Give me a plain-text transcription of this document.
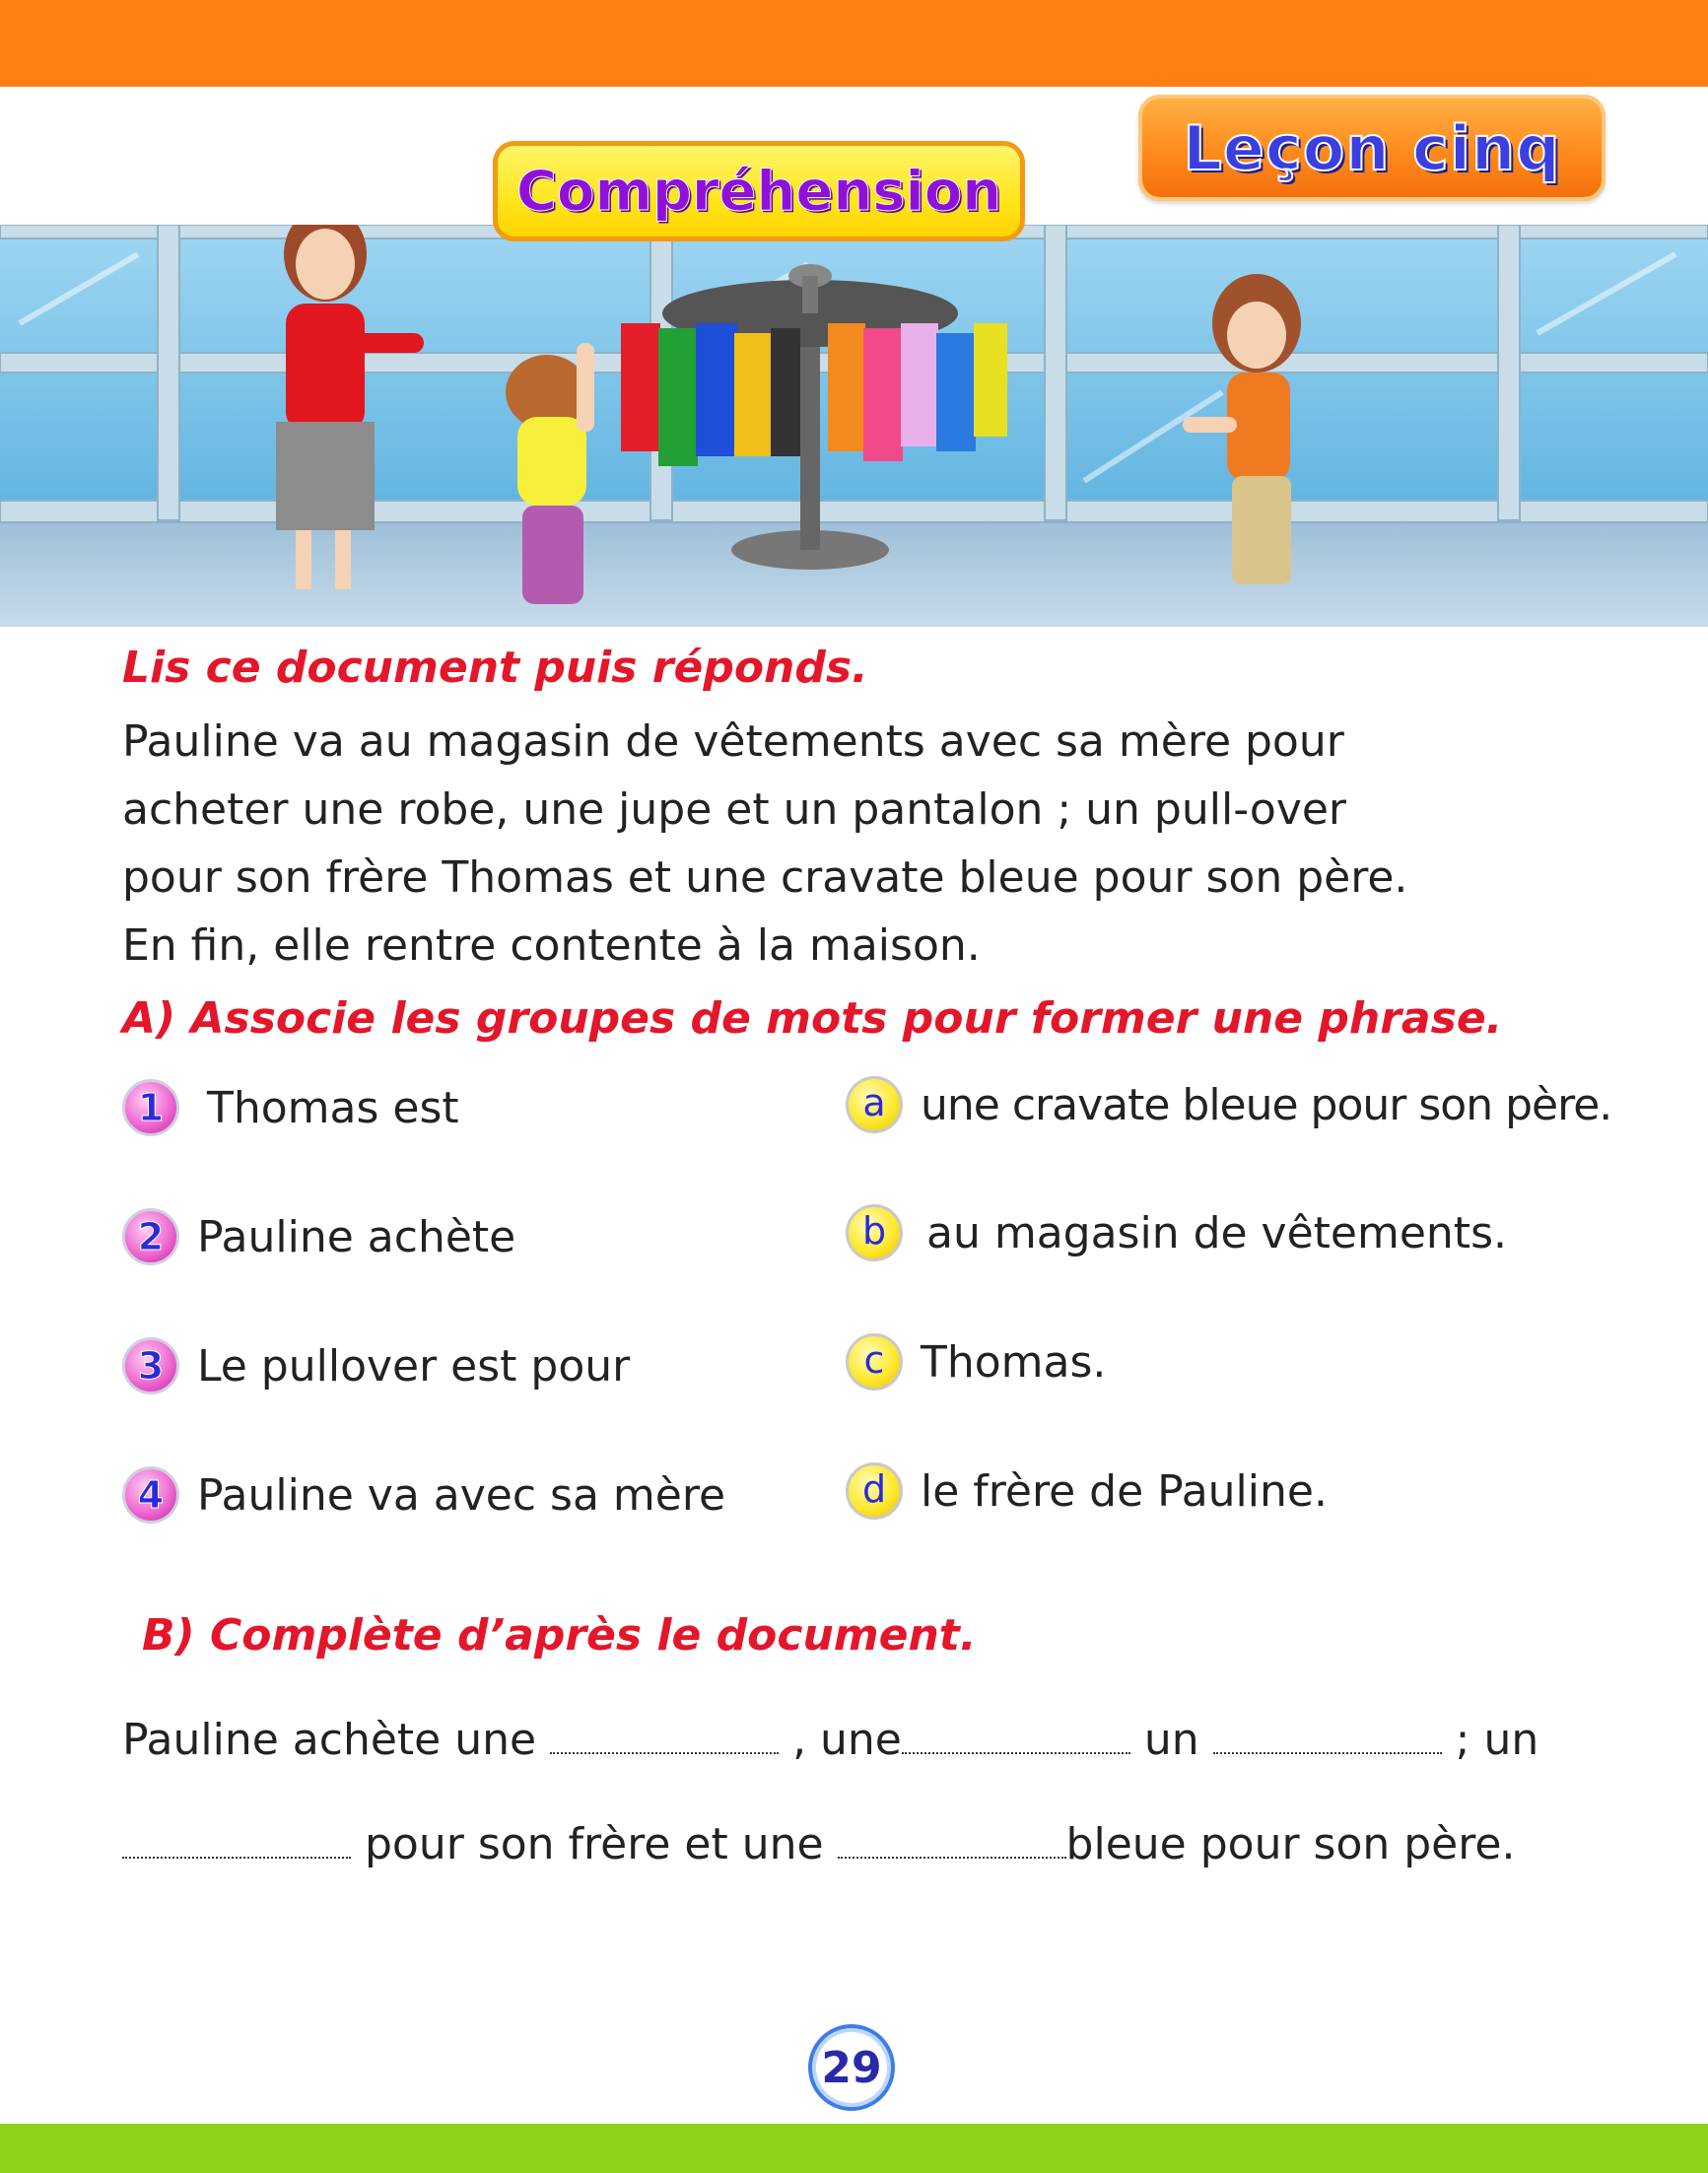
Compréhension
Leçon cinq
Lis ce document puis réponds.
Pauline va au magasin de vêtements avec sa mère pour
acheter une robe, une jupe et un pantalon ; un pull-over
pour son frère Thomas et une cravate bleue pour son père.
En fin, elle rentre contente à la maison.
A) Associe les groupes de mots pour former une phrase.
1 Thomas est
2 Pauline achète
3 Le pullover est pour
4 Pauline va avec sa mère
a une cravate bleue pour son père.
b au magasin de vêtements.
c Thomas.
d le frère de Pauline.
B) Complète d’après le document.
Pauline achète une	, une	un	; un
pour son frère et une	bleue pour son père.
29
